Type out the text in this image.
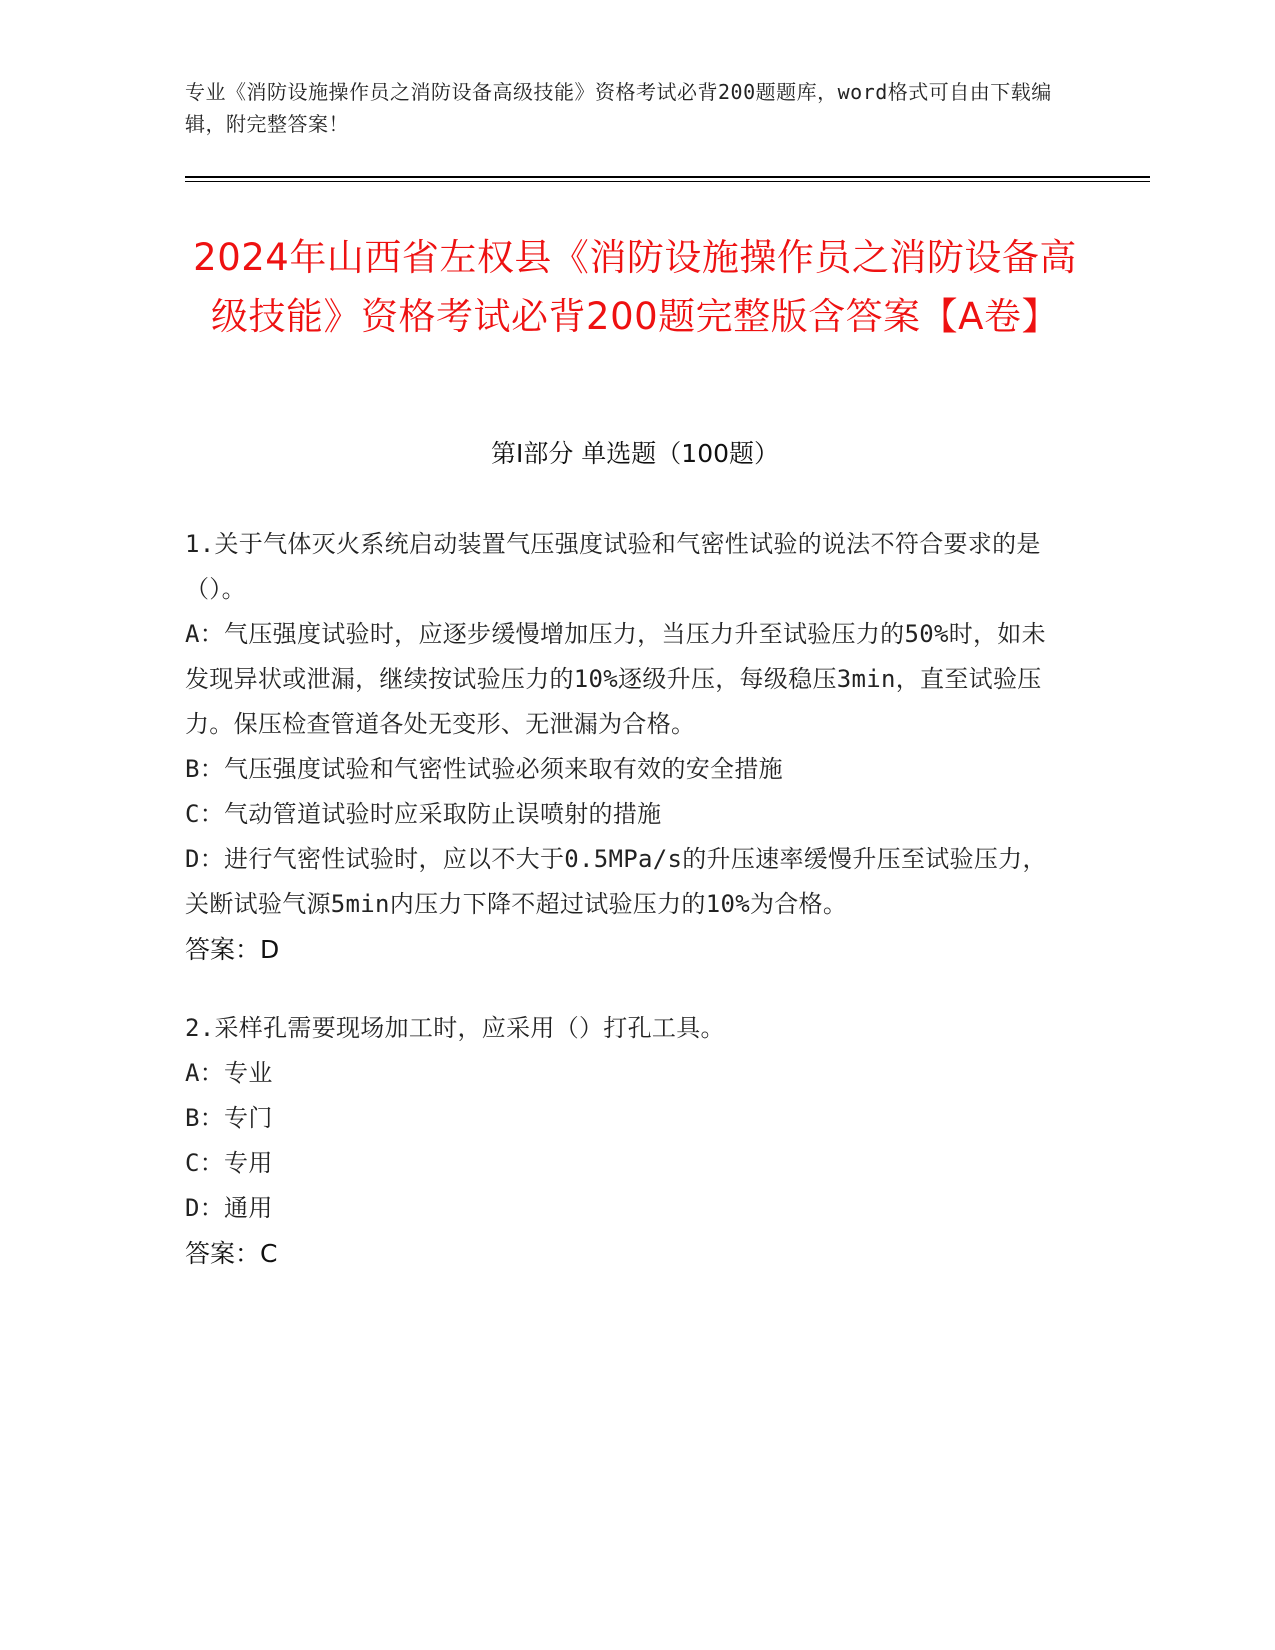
专业《消防设施操作员之消防设备高级技能》资格考试必背200题题库，word格式可自由下载编辑，附完整答案！
2024年山西省左权县《消防设施操作员之消防设备高级技能》资格考试必背200题完整版含答案【A卷】
第I部分 单选题（100题）
1.关于气体灭火系统启动装置气压强度试验和气密性试验的说法不符合要求的是（）。
A：气压强度试验时，应逐步缓慢增加压力，当压力升至试验压力的50%时，如未发现异状或泄漏，继续按试验压力的10%逐级升压，每级稳压3min，直至试验压力。保压检查管道各处无变形、无泄漏为合格。
B：气压强度试验和气密性试验必须来取有效的安全措施
C：气动管道试验时应采取防止误喷射的措施
D：进行气密性试验时，应以不大于0.5MPa/s的升压速率缓慢升压至试验压力，关断试验气源5min内压力下降不超过试验压力的10%为合格。
答案：D
2.采样孔需要现场加工时，应采用（）打孔工具。
A：专业
B：专门
C：专用
D：通用
答案：C
